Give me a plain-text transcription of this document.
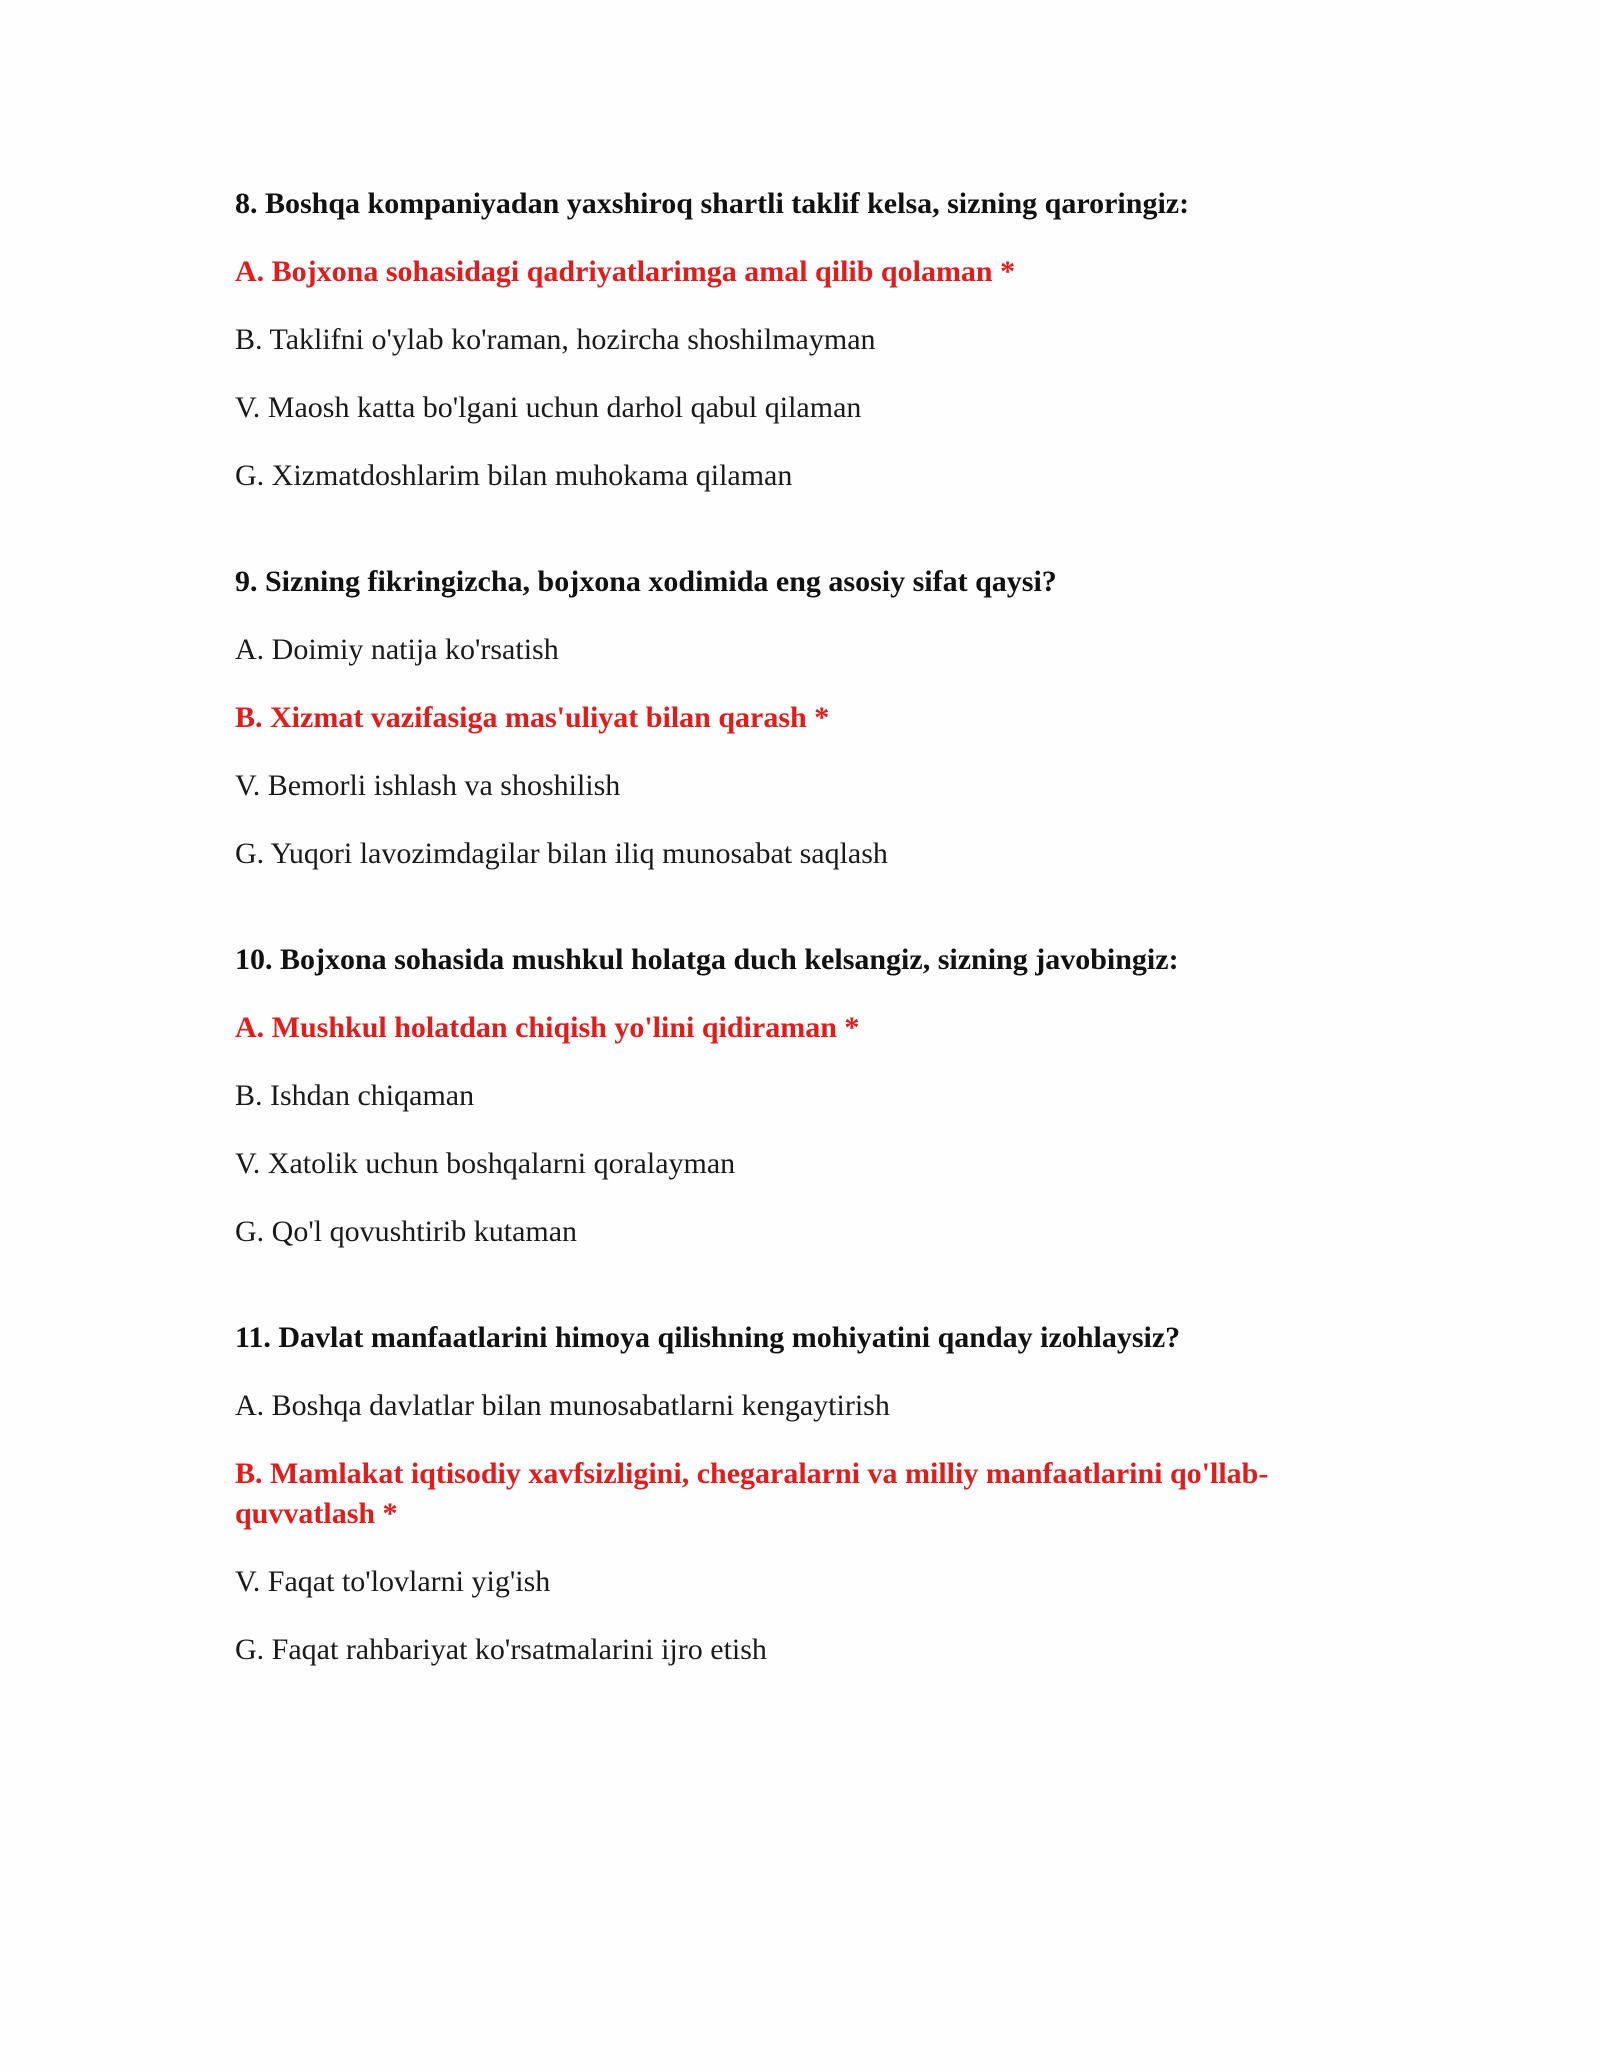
8. Boshqa kompaniyadan yaxshiroq shartli taklif kelsa, sizning qaroringiz:

A. Bojxona sohasidagi qadriyatlarimga amal qilib qolaman *

B. Taklifni o'ylab ko'raman, hozircha shoshilmayman

V. Maosh katta bo'lgani uchun darhol qabul qilaman

G. Xizmatdoshlarim bilan muhokama qilaman

9. Sizning fikringizcha, bojxona xodimida eng asosiy sifat qaysi?

A. Doimiy natija ko'rsatish

B. Xizmat vazifasiga mas'uliyat bilan qarash *

V. Bemorli ishlash va shoshilish

G. Yuqori lavozimdagilar bilan iliq munosabat saqlash

10. Bojxona sohasida mushkul holatga duch kelsangiz, sizning javobingiz:

A. Mushkul holatdan chiqish yo'lini qidiraman *

B. Ishdan chiqaman

V. Xatolik uchun boshqalarni qoralayman

G. Qo'l qovushtirib kutaman

11. Davlat manfaatlarini himoya qilishning mohiyatini qanday izohlaysiz?

A. Boshqa davlatlar bilan munosabatlarni kengaytirish

B. Mamlakat iqtisodiy xavfsizligini, chegaralarni va milliy manfaatlarini qo'llab-quvvatlash *

V. Faqat to'lovlarni yig'ish

G. Faqat rahbariyat ko'rsatmalarini ijro etish
